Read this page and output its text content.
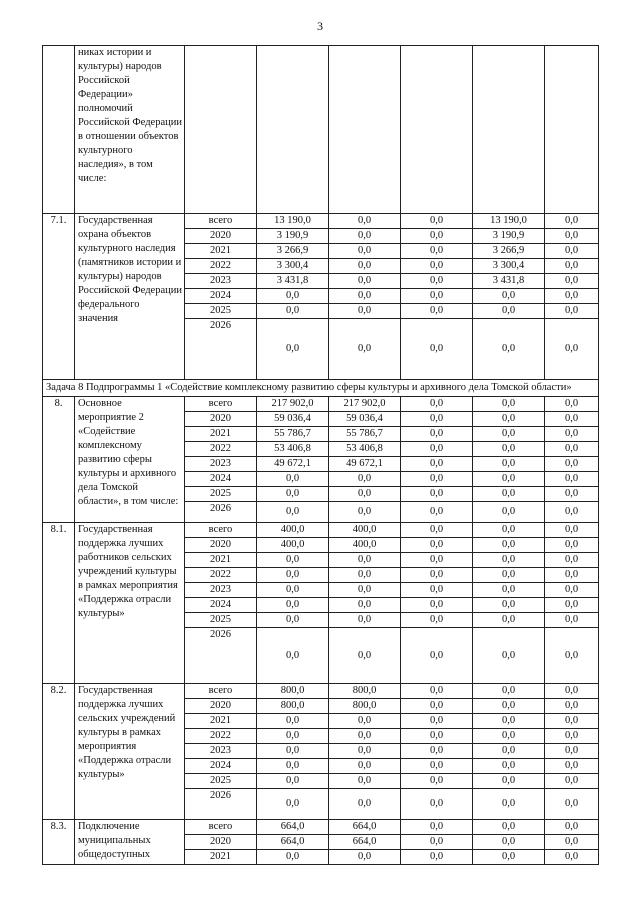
3
	никах истории и культуры) народов Российской Федерации» полномочий Российской Федерации в отношении объектов культурного наследия», в том числе:						
7.1.	Государственная охрана объектов культурного наследия (памятников истории и культуры) народов Российской Федерации федерального значения	всего	13 190,0	0,0	0,0	13 190,0	0,0
		2020	3 190,9	0,0	0,0	3 190,9	0,0
		2021	3 266,9	0,0	0,0	3 266,9	0,0
		2022	3 300,4	0,0	0,0	3 300,4	0,0
		2023	3 431,8	0,0	0,0	3 431,8	0,0
		2024	0,0	0,0	0,0	0,0	0,0
		2025	0,0	0,0	0,0	0,0	0,0
		2026	0,0	0,0	0,0	0,0	0,0
Задача 8 Подпрограммы 1 «Содействие комплексному развитию сферы культуры и архивного дела Томской области»							
8.	Основное мероприятие 2 «Содействие комплексному развитию сферы культуры и архивного дела Томской области», в том числе:	всего	217 902,0	217 902,0	0,0	0,0	0,0
		2020	59 036,4	59 036,4	0,0	0,0	0,0
		2021	55 786,7	55 786,7	0,0	0,0	0,0
		2022	53 406,8	53 406,8	0,0	0,0	0,0
		2023	49 672,1	49 672,1	0,0	0,0	0,0
		2024	0,0	0,0	0,0	0,0	0,0
		2025	0,0	0,0	0,0	0,0	0,0
		2026	0,0	0,0	0,0	0,0	0,0
8.1.	Государственная поддержка лучших работников сельских учреждений культуры в рамках мероприятия «Поддержка отрасли культуры»	всего	400,0	400,0	0,0	0,0	0,0
		2020	400,0	400,0	0,0	0,0	0,0
		2021	0,0	0,0	0,0	0,0	0,0
		2022	0,0	0,0	0,0	0,0	0,0
		2023	0,0	0,0	0,0	0,0	0,0
		2024	0,0	0,0	0,0	0,0	0,0
		2025	0,0	0,0	0,0	0,0	0,0
		2026	0,0	0,0	0,0	0,0	0,0
8.2.	Государственная поддержка лучших сельских учреждений культуры в рамках мероприятия «Поддержка отрасли культуры»	всего	800,0	800,0	0,0	0,0	0,0
		2020	800,0	800,0	0,0	0,0	0,0
		2021	0,0	0,0	0,0	0,0	0,0
		2022	0,0	0,0	0,0	0,0	0,0
		2023	0,0	0,0	0,0	0,0	0,0
		2024	0,0	0,0	0,0	0,0	0,0
		2025	0,0	0,0	0,0	0,0	0,0
		2026	0,0	0,0	0,0	0,0	0,0
8.3.	Подключение муниципальных общедоступных	всего	664,0	664,0	0,0	0,0	0,0
		2020	664,0	664,0	0,0	0,0	0,0
		2021	0,0	0,0	0,0	0,0	0,0
